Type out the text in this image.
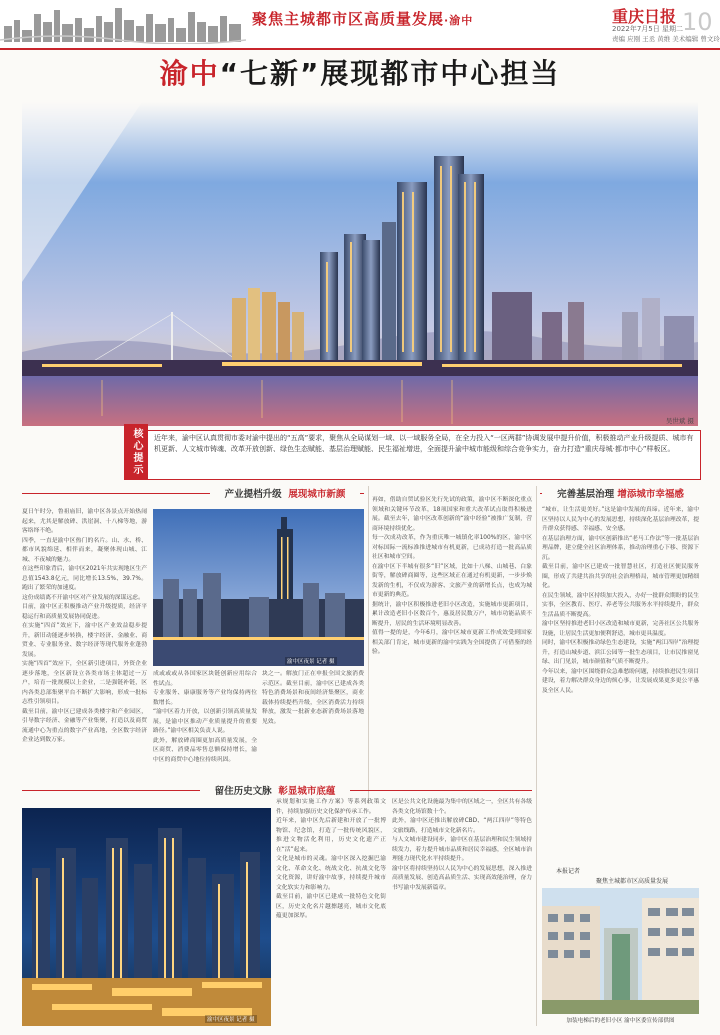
聚焦主城都市区高质量发展·渝中	重庆日报
2022年7月5日 星期二
责编 应刚 王丞 黄维 美术编辑 曾文玲
10
渝中“七新”展现都市中心担当
吴世斌 摄
核心提示	近年来，渝中区认真贯彻市委对渝中提出的“五高”要求，聚焦从全局谋划一域、以一域服务全局，在全力投入“一区两群”协调发展中提升价值，积极推动产业升级提质、城市有机更新、人文城市铸魂、改革开放创新、绿色生态赋能、基层治理赋能、民生福祉增进，全面提升渝中城市能级和综合竞争实力，奋力打造“重庆母城·都市中心”样板区。
产业提档升级 展现城市新颜
夏日午时分，鲁祖庙旧，渝中区各景点开始热闹起来，尤其是解放碑、洪崖洞、十八梯等地，游客络绎不绝。
四季，一直是渝中区热门的名片。山、水、桥、都市风貌绵延、相伴而来，凝聚体现山城、江城、不夜城的魅力。
在这些印象背后，渝中区2021年共实现地区生产总值1543.8亿元，同比增长13.5%、39.7%。跑出了繁荣的加速度。
这份成绩离不开渝中区对产业发展的深谋远虑。
目前，渝中区正积极推动产业升级提质，经济平稳运行和高质量发展协同促进。
在实施“四首”效应下，渝中区产业效益稳步提升，新旧动能逐步转换，楼宇经济、金融业、商贸业、专业服务业、数字经济等现代服务业蓬勃发展。
实施“四首”效应下，全区新引进项目，外资企业逐步落地，全区新设立各类市场主体超过一万户，培育一批规模以上企业，二是强链补链，区内各类总部集聚平台不断扩大影响，形成一批标志性引领项目。
截至目前，渝中区已建成各类楼宇和产业园区，引导数字经济、金融等产业集聚，打造以及商贸流通中心为重点的数字产业高地，全区数字经济企业达到数万家。
渝中区夜景 记者 摄
成或或或从各国家区块链创新应用综合性试点。
专业服务、康康服务等产业均保持两位数增长。
“渝中区着力开放，以创新引领高质量发展，是渝中区推动产业质量提升的重要路径。”渝中区相关负责人说。
此外，解放碑商圈更加高质量发展，全区商贸、消费品零售总额保持增长，渝中区的商贸中心地位持续巩固。
块之一。解放门正在申报全国文旅消费示范区。截至目前，渝中区已建成各类特色消费场景和夜间经济集聚区，商业载体持续提档升级，全区消费活力持续释放，激发一批新业态新消费场景落地见效。
再如，借助自贸试验区先行先试的政策，渝中区不断深化重点领域和关键环节改革，18项国家和重大改革试点取得积极进展。截至去年，渝中区改革创新的“渝中经验”被推广复制，营商环境持续优化。
每一次成功改革，作为重庆唯一城镇化率100%的区，渝中区对标国际一流标准推进城市有机更新，已成功打造一批高品质社区和城市空间。
在渝中区下半城有很多“旧”区域，比如十八梯、山城巷、白象街等，解放碑商圈等，这些区域正在通过有机更新，一步步焕发新的生机，不仅成为游客、文旅产业的新增长点，也成为城市更新的典范。
据统计，渝中区积极推进老旧小区改造，实施城市更新项目，累计改造老旧小区数百个，惠及居民数万户，城市功能品质不断提升，居民的生活环境明显改善。
值得一提的是，今年6月，渝中区城市更新工作成效受到国家相关部门肯定，城市更新的渝中实践为全国提供了可借鉴的经验。
完善基层治理 增添城市幸福感
“城市，让生活更美好。”这是渝中发展的真谛。近年来，渝中区坚持以人民为中心的发展思想，持续深化基层治理改革，提升群众获得感、幸福感、安全感。
在基层治理方面，渝中区创新推出“老马工作法”等一批基层治理品牌，建立健全社区治理体系，推动治理重心下移、资源下沉。
截至目前，渝中区已建成一批智慧社区，打造社区便民服务圈，形成了共建共治共享的社会治理格局，城市管理更加精细化。
在民生领域，渝中区持续加大投入，办好一批群众期盼的民生实事，全区教育、医疗、养老等公共服务水平持续提升，群众生活品质不断提高。
渝中区坚持推进老旧小区改造和城市更新，完善社区公共服务设施，让居民生活更加便利舒适，城市更具温度。
同时，渝中区积极推动绿色生态建设，实施“两江四岸”治理提升，打造山城步道、滨江公园等一批生态项目，让市民推窗见绿、出门见景，城市颜值和气质不断提升。
今年以来，渝中区围绕群众急难愁盼问题，持续推进民生项目建设，着力解决群众身边的烦心事，让发展成果更多更公平惠及全区人民。
本报记者
聚焦主城都市区高质量发展
加装电梯后的老旧小区 渝中区委宣传部供图
留住历史文脉 彰显城市底蕴
渝中区夜景 记者 摄
承规划和实施工作方案》等系列政策文件，持续加强历史文化保护传承工作。
近年来，渝中区先后新建和开放了一批博物馆、纪念馆，打造了一批传统风貌区，推进文物活化利用，历史文化遗产正在“活”起来。
文化是城市的灵魂。渝中区深入挖掘巴渝文化、革命文化、统战文化、抗战文化等文化资源，讲好渝中故事，持续提升城市文化软实力和影响力。
截至目前，渝中区已建成一批特色文化街区，历史文化名片越擦越亮，城市文化底蕴更加深厚。
区是公共文化设施最为集中的区域之一，全区共有各级各类文化场馆数十个。
此外，渝中区还推出解放碑CBD、“两江四岸”等特色文旅线路，打造城市文化新名片。
与人文城市建设同步，渝中区在基层治理和民生领域持续发力，着力提升城市品质和居民幸福感，全区城市治理能力现代化水平持续提升。
渝中区将持续坚持以人民为中心的发展思想，深入推进高质量发展、创造高品质生活、实现高效能治理，奋力书写渝中发展新篇章。
